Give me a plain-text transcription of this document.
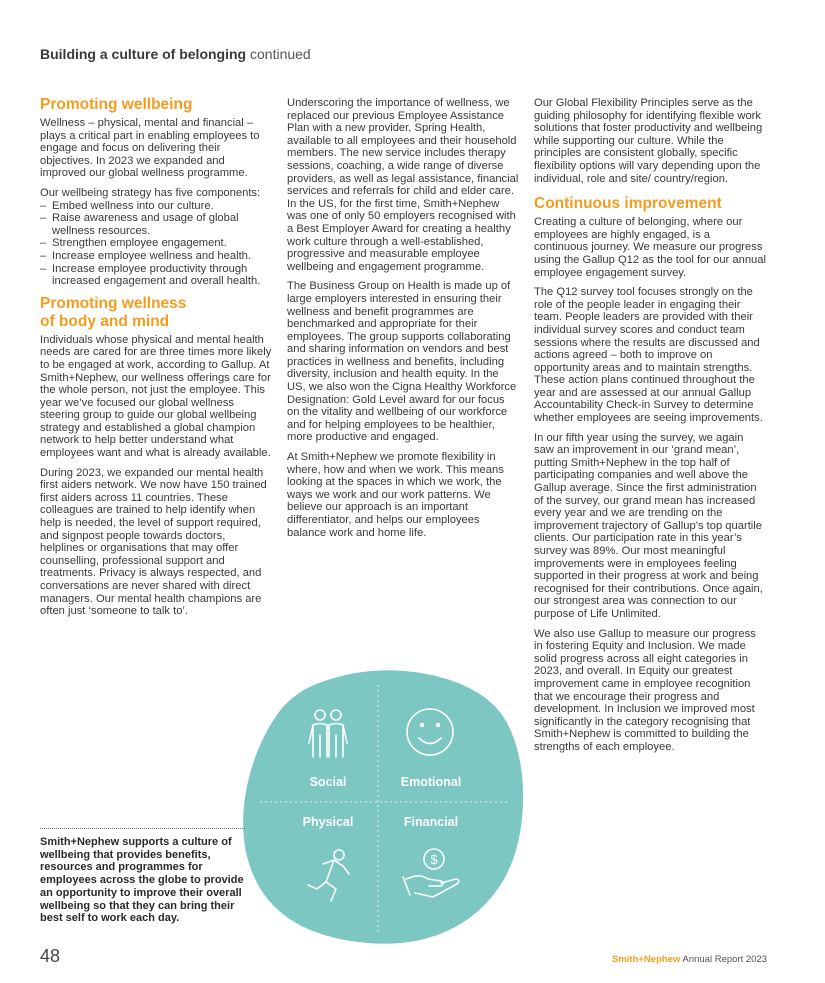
Building a culture of belonging continued
Promoting wellbeing

Wellness – physical, mental and financial – plays a critical part in enabling employees to engage and focus on delivering their objectives. In 2023 we expanded and improved our global wellness programme.

Our wellbeing strategy has five components:

– Embed wellness into our culture.
– Raise awareness and usage of global wellness resources.
– Strengthen employee engagement.
– Increase employee wellness and health.
– Increase employee productivity through increased engagement and overall health.
Promoting wellness of body and mind

Individuals whose physical and mental health needs are cared for are three times more likely to be engaged at work, according to Gallup. At Smith+Nephew, our wellness offerings care for the whole person, not just the employee. This year we’ve focused our global wellness steering group to guide our global wellbeing strategy and established a global champion network to help better understand what employees want and what is already available.

During 2023, we expanded our mental health first aiders network. We now have 150 trained first aiders across 11 countries. These colleagues are trained to help identify when help is needed, the level of support required, and signpost people towards doctors, helplines or organisations that may offer counselling, professional support and treatments. Privacy is always respected, and conversations are never shared with direct managers. Our mental health champions are often just ‘someone to talk to’.

Underscoring the importance of wellness, we replaced our previous Employee Assistance Plan with a new provider, Spring Health, available to all employees and their household members. The new service includes therapy sessions, coaching, a wide range of diverse providers, as well as legal assistance, financial services and referrals for child and elder care. In the US, for the first time, Smith+Nephew was one of only 50 employers recognised with a Best Employer Award for creating a healthy work culture through a well-established, progressive and measurable employee wellbeing and engagement programme.

The Business Group on Health is made up of large employers interested in ensuring their wellness and benefit programmes are benchmarked and appropriate for their employees. The group supports collaborating and sharing information on vendors and best practices in wellness and benefits, including diversity, inclusion and health equity. In the US, we also won the Cigna Healthy Workforce Designation: Gold Level award for our focus on the vitality and wellbeing of our workforce and for helping employees to be healthier, more productive and engaged.

At Smith+Nephew we promote flexibility in where, how and when we work. This means looking at the spaces in which we work, the ways we work and our work patterns. We believe our approach is an important differentiator, and helps our employees balance work and home life.

Our Global Flexibility Principles serve as the guiding philosophy for identifying flexible work solutions that foster productivity and wellbeing while supporting our culture. While the principles are consistent globally, specific flexibility options will vary depending upon the individual, role and site/ country/region.

Continuous improvement

Creating a culture of belonging, where our employees are highly engaged, is a continuous journey. We measure our progress using the Gallup Q12 as the tool for our annual employee engagement survey.

The Q12 survey tool focuses strongly on the role of the people leader in engaging their team. People leaders are provided with their individual survey scores and conduct team sessions where the results are discussed and actions agreed – both to improve on opportunity areas and to maintain strengths. These action plans continued throughout the year and are assessed at our annual Gallup Accountability Check-in Survey to determine whether employees are seeing improvements.

In our fifth year using the survey, we again saw an improvement in our ‘grand mean’, putting Smith+Nephew in the top half of participating companies and well above the Gallup average. Since the first administration of the survey, our grand mean has increased every year and we are trending on the improvement trajectory of Gallup’s top quartile clients. Our participation rate in this year’s survey was 89%. Our most meaningful improvements were in employees feeling supported in their progress at work and being recognised for their contributions. Once again, our strongest area was connection to our purpose of Life Unlimited.

We also use Gallup to measure our progress in fostering Equity and Inclusion. We made solid progress across all eight categories in 2023, and overall. In Equity our greatest improvement came in employee recognition that we encourage their progress and development. In Inclusion we improved most significantly in the category recognising that Smith+Nephew is committed to building the strengths of each employee.

$
Social	Emotional
Physical	Financial
Smith+Nephew supports a culture of wellbeing that provides benefits, resources and programmes for employees across the globe to provide an opportunity to improve their overall wellbeing so that they can bring their best self to work each day.
48	Smith+Nephew Annual Report 2023
